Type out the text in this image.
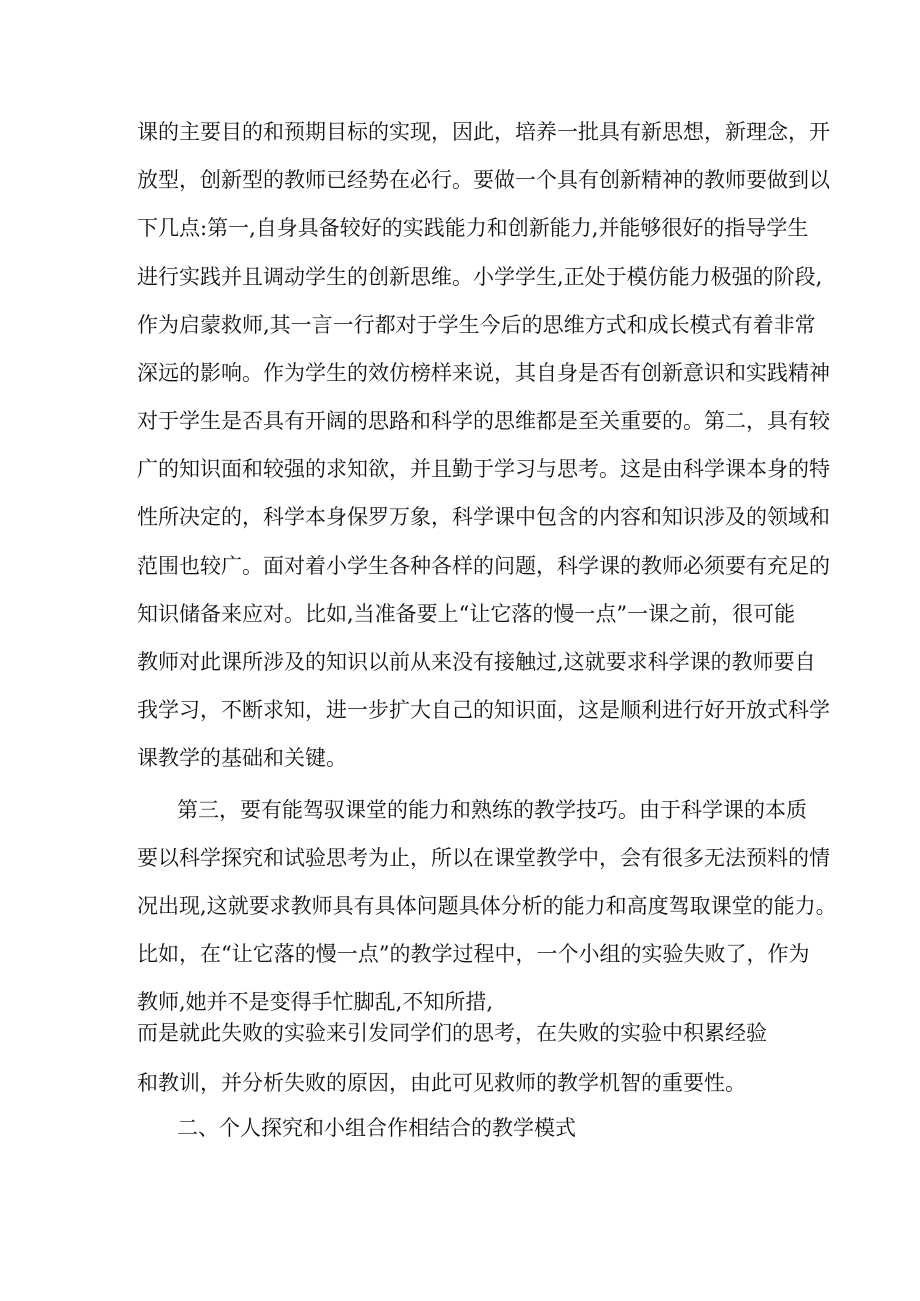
课的主要目的和预期目标的实现，因此，培养一批具有新思想，新理念，开
放型，创新型的教师已经势在必行。要做一个具有创新精神的教师要做到以
下几点:第一,自身具备较好的实践能力和创新能力,并能够很好的指导学生
进行实践并且调动学生的创新思维。小学学生,正处于模仿能力极强的阶段,
作为启蒙救师,其一言一行都对于学生今后的思维方式和成长模式有着非常
深远的影响。作为学生的效仿榜样来说，其自身是否有创新意识和实践精神
对于学生是否具有开阔的思路和科学的思维都是至关重要的。第二，具有较
广的知识面和较强的求知欲，并且勤于学习与思考。这是由科学课本身的特
性所决定的，科学本身保罗万象，科学课中包含的内容和知识涉及的领域和
范围也较广。面对着小学生各种各样的问题，科学课的教师必须要有充足的
知识储备来应对。比如,当准备要上“让它落的慢一点”一课之前，很可能
教师对此课所涉及的知识以前从来没有接触过,这就要求科学课的教师要自
我学习，不断求知，进一步扩大自己的知识面，这是顺利进行好开放式科学
课教学的基础和关键。
第三，要有能驾驭课堂的能力和熟练的教学技巧。由于科学课的本质
要以科学探究和试验思考为止，所以在课堂教学中，会有很多无法预料的情
况出现,这就要求教师具有具体问题具体分析的能力和高度驾取课堂的能力。
比如，在“让它落的慢一点”的教学过程中，一个小组的实验失败了，作为
教师,她并不是变得手忙脚乱,不知所措,
而是就此失败的实验来引发同学们的思考，在失败的实验中积累经验
和教训，并分析失败的原因，由此可见救师的教学机智的重要性。
二、个人探究和小组合作相结合的教学模式
